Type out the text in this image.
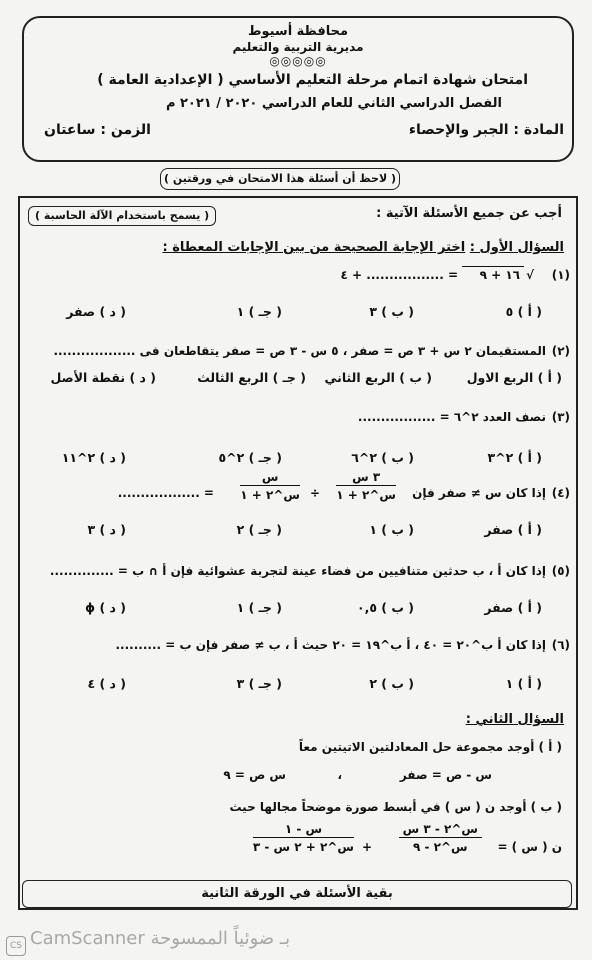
محافظة أسيوط
مديرية التربية والتعليم
◎◎◎◎◎
امتحان شهادة اتمام مرحلة التعليم الأساسي ( الإعدادية العامة )
الفصل الدراسي الثاني للعام الدراسي ٢٠٢٠ / ٢٠٢١ م
المادة : الجبر والإحصاء
الزمن : ساعتان
( لاحظ أن أسئلة هذا الامتحان في ورقتين )
أجب عن جميع الأسئلة الآتية :
( يسمح باستخدام الآلة الحاسبة )
السؤال الأول : اختر الإجابة الصحيحة من بين الإجابات المعطاة :
(١)
√
١٦ + ٩
= ................. + ٤
( أ ) ٥
( ب ) ٣
( جـ ) ١
( د ) صفر
(٢)
المستقيمان ٢ س + ٣ ص = صفر ، ٥ س - ٣ ص = صفر يتقاطعان فى ..................
( أ ) الربع الاول
( ب ) الربع الثاني
( جـ ) الربع الثالث
( د ) نقطة الأصل
(٣)
نصف العدد ٢^٦ = .................
( أ ) ٢^٣
( ب ) ٢^٦
( جـ ) ٢^٥
( د ) ٢^١١
(٤)
إذا كان س ≠ صفر فإن
٣ س
س^٢ + ١
÷
س
س^٢ + ١
= ..................
( أ ) صفر
( ب ) ١
( جـ ) ٢
( د ) ٣
(٥)
إذا كان أ ، ب حدثين متنافيين من فضاء عينة لتجربة عشوائية فإن أ ∩ ب = ..............
( أ ) صفر
( ب ) ٠,٥
( جـ ) ١
( د ) ϕ
(٦)
إذا كان أ ب^٢٠ = ٤٠ ، أ ب^١٩ = ٢٠ حيث أ ، ب ≠ صفر فإن ب = ..........
( أ ) ١
( ب ) ٢
( جـ ) ٣
( د ) ٤
السؤال الثاني :
( أ ) أوجد مجموعة حل المعادلتين الاتيتين معاً
س - ص = صفر
،
س ص = ٩
( ب ) أوجد ن ( س ) في أبسط صورة موضحاً مجالها حيث
ن ( س ) =
س^٢ - ٣ س
س^٢ - ٩
+
س - ١
س^٢ + ٢ س - ٣
بقية الأسئلة في الورقة الثانية
CS CamScanner بـ ضوئياً الممسوحة
